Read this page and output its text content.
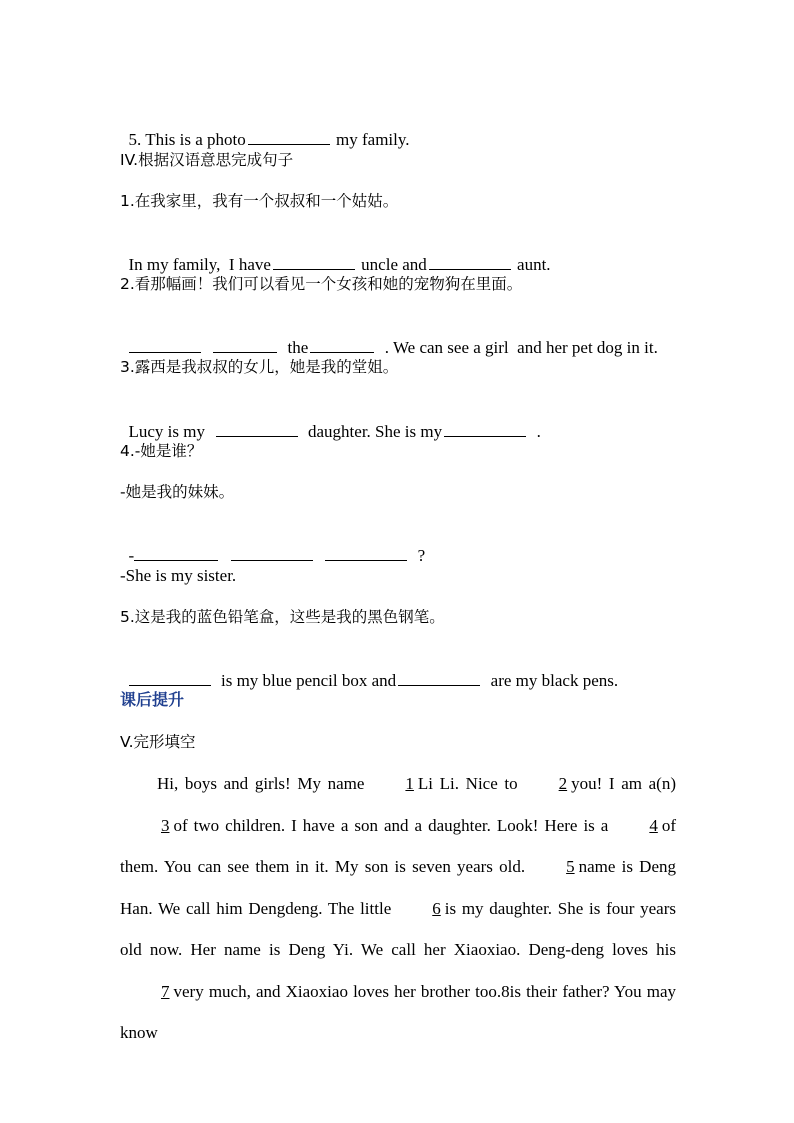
5. This is a photo	my family.

IV.根据汉语意思完成句子
1.在我家里，我有一个叔叔和一个姑姑。

In my family,  I have	uncle and	aunt.

2.看那幅画！我们可以看见一个女孩和她的宠物狗在里面。

the	. We can see a girl  and her pet dog in it.

3.露西是我叔叔的女儿，她是我的堂姐。

Lucy is my	daughter. She is my	.

4.-她是谁？
-她是我的妹妹。

-	?

-She is my sister.
5.这是我的蓝色铅笔盒，这些是我的黑色钢笔。

is my blue pencil box and	are my black pens.

课后提升
V.完形填空
Hi, boys and girls! My name 1 Li Li. Nice to 2 you! I am a(n)3 of two children. I have a son and a daughter. Look! Here is a 4 of them. You can see them in it. My son is seven years old. 5 name is Deng Han. We call him Dengdeng. The little 6 is my daughter. She is four years old now. Her name is Deng Yi. We call her Xiaoxiao. Deng-deng loves his7 very much, and Xiaoxiao loves her brother too.8is their father? You may know
